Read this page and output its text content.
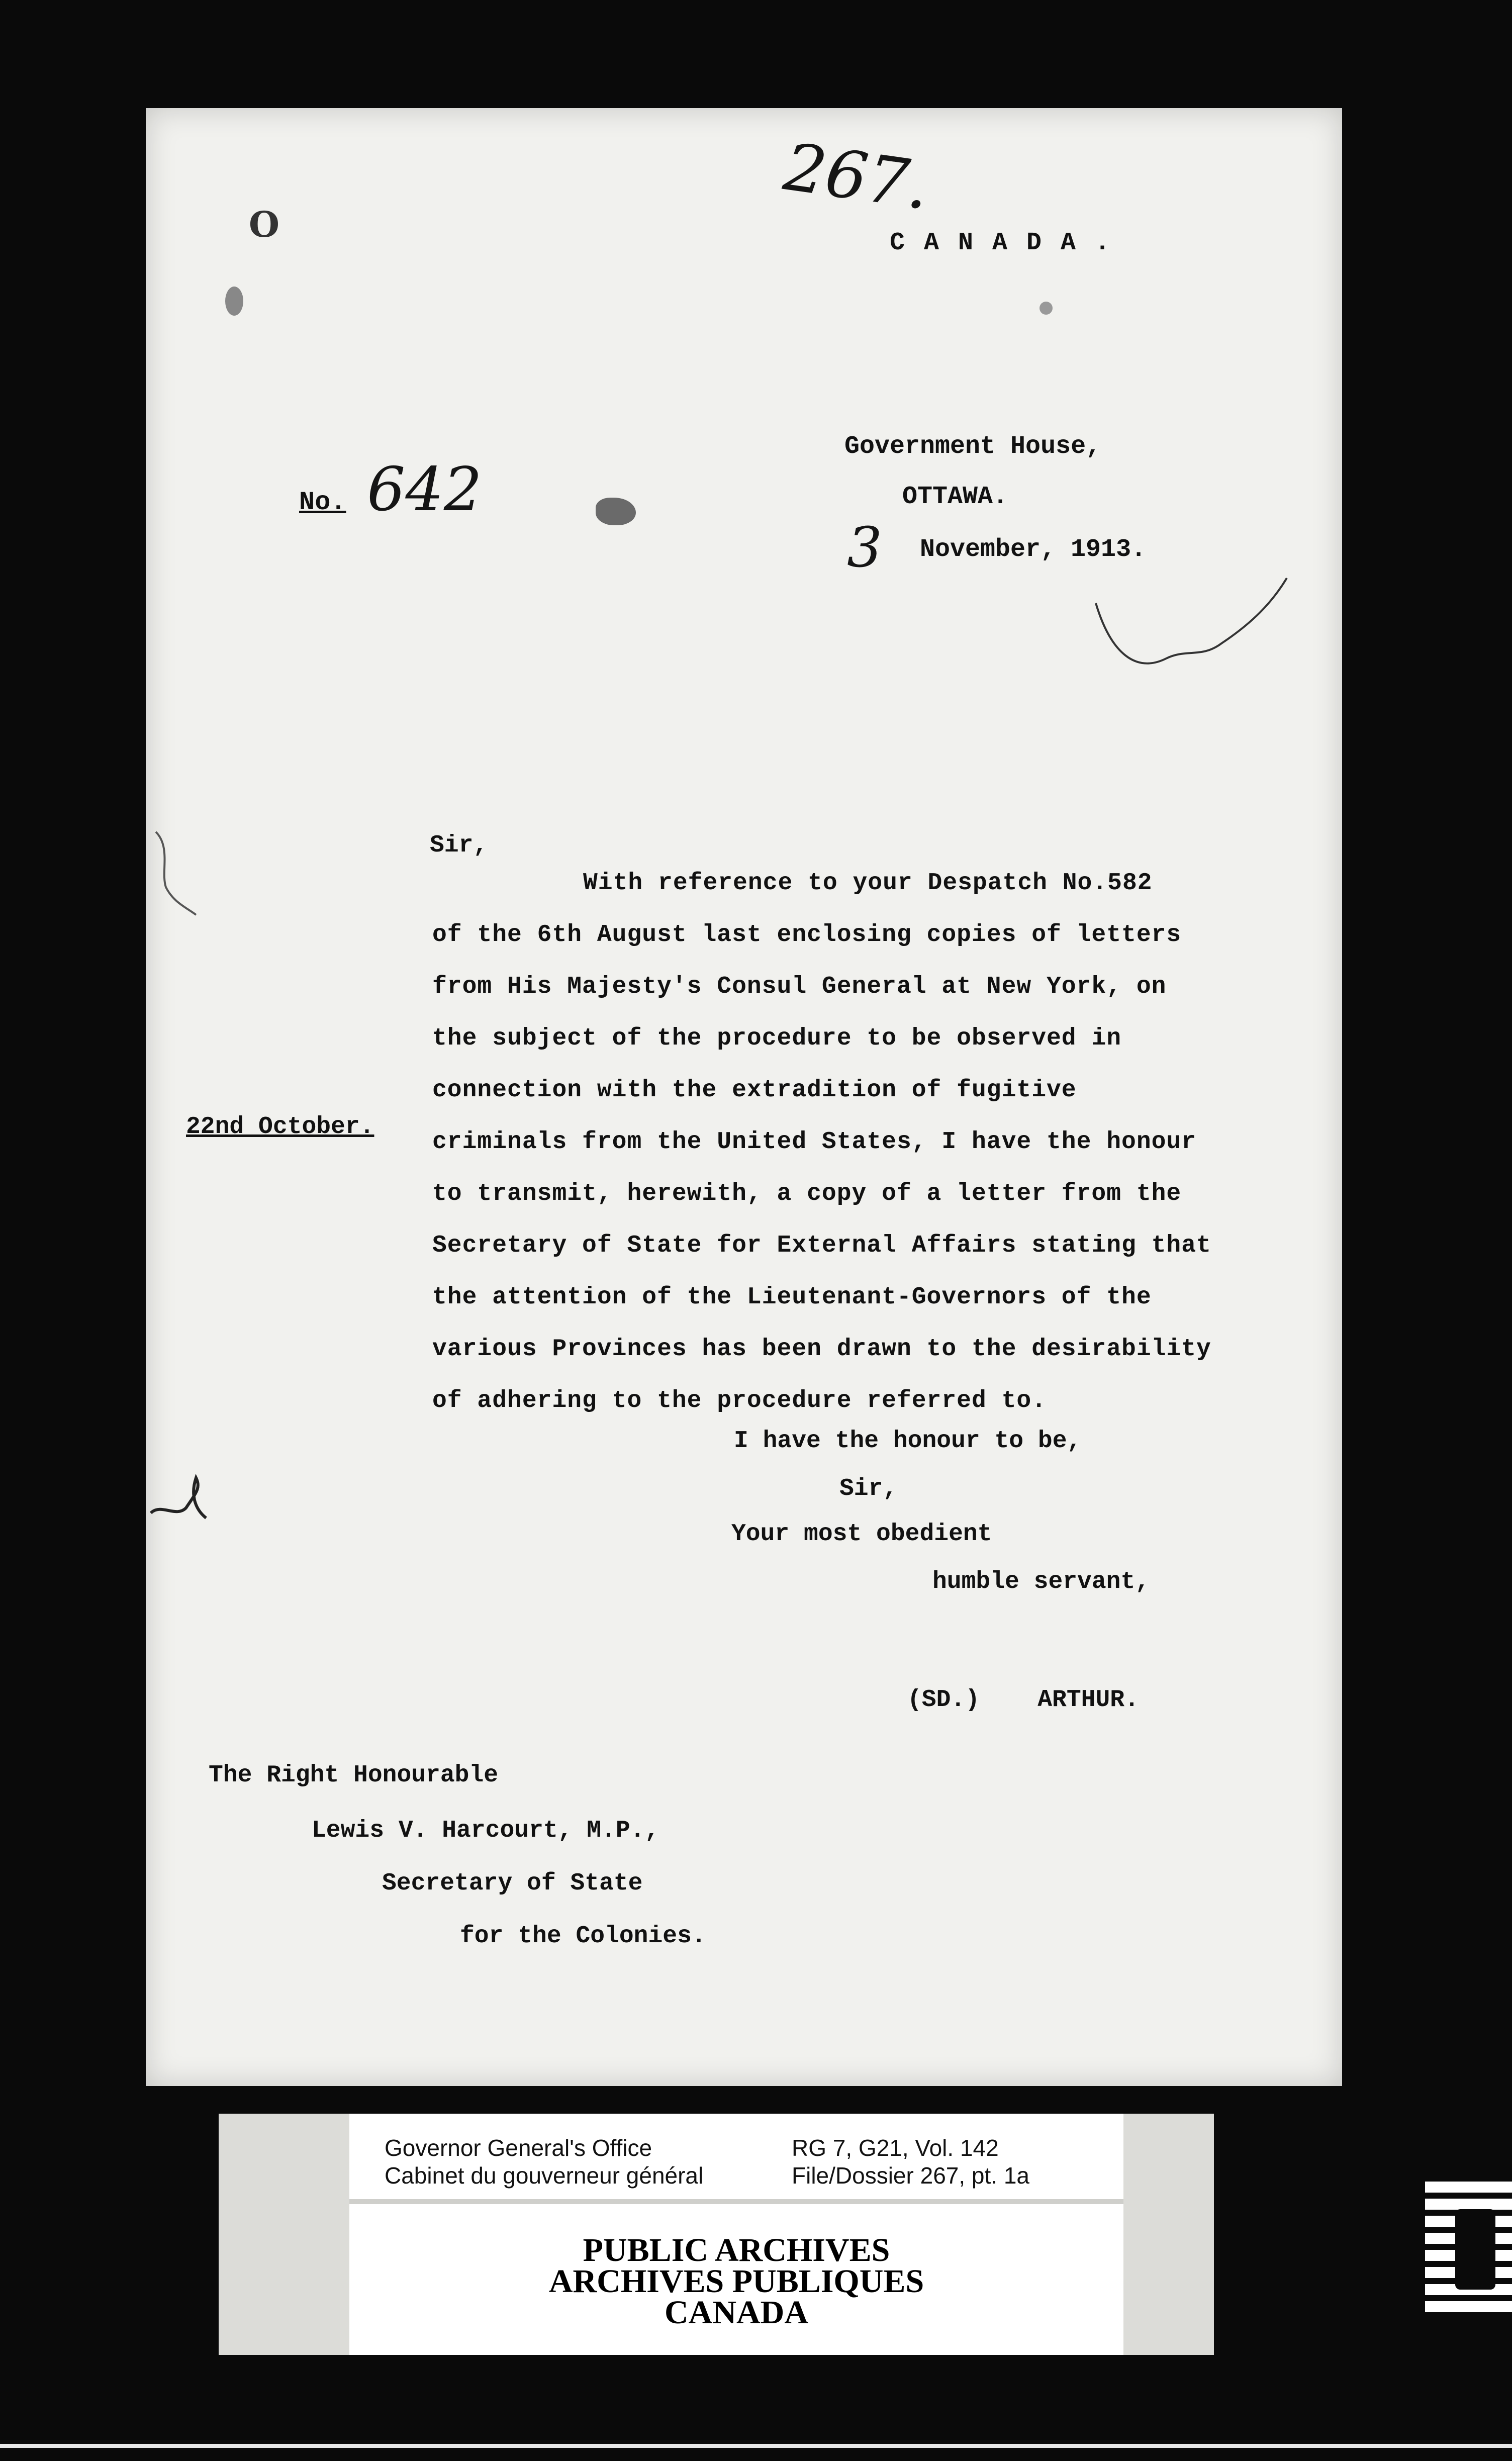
O
267.
C A N A D A .
Government House,
OTTAWA.
3 November, 1913.
No. 642
22nd October.
Sir,
With reference to your Despatch No.582
of the 6th August last enclosing copies of letters
from His Majesty's Consul General at New York, on
the subject of the procedure to be observed in
connection with the extradition of fugitive
criminals from the United States, I have the honour
to transmit, herewith, a copy of a letter from the
Secretary of State for External Affairs stating that
the attention of the Lieutenant-Governors of the
various Provinces has been drawn to the desirability
of adhering to the procedure referred to.
I have the honour to be,
Sir,
Your most obedient
humble servant,
(SD.)    ARTHUR.
The Right Honourable
Lewis V. Harcourt, M.P.,
Secretary of State
for the Colonies.
Governor General's Office
Cabinet du gouverneur général
RG 7, G21, Vol. 142
File/Dossier 267, pt. 1a
PUBLIC ARCHIVES
ARCHIVES PUBLIQUES
CANADA
